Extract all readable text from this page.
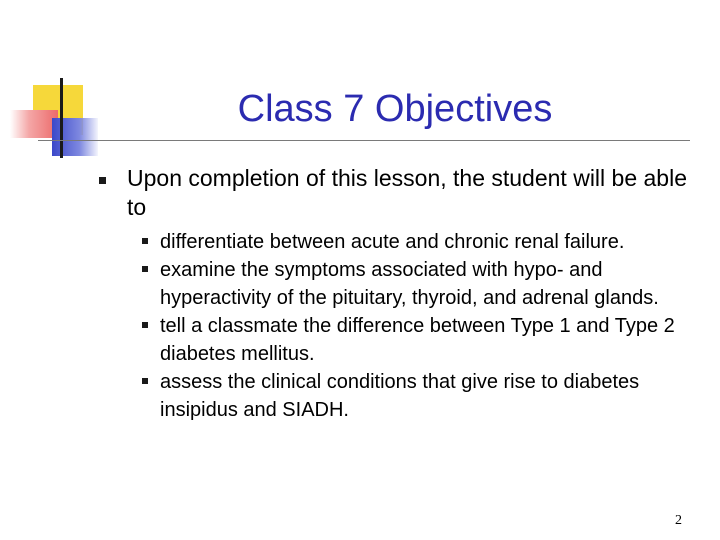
Class 7 Objectives
Upon completion of this lesson, the student will be able to
differentiate between acute and chronic renal failure.
examine the symptoms associated with hypo- and hyperactivity of the pituitary, thyroid, and adrenal glands.
tell a classmate the difference between Type 1 and Type 2 diabetes mellitus.
assess the clinical conditions that give rise to diabetes insipidus and SIADH.
2
